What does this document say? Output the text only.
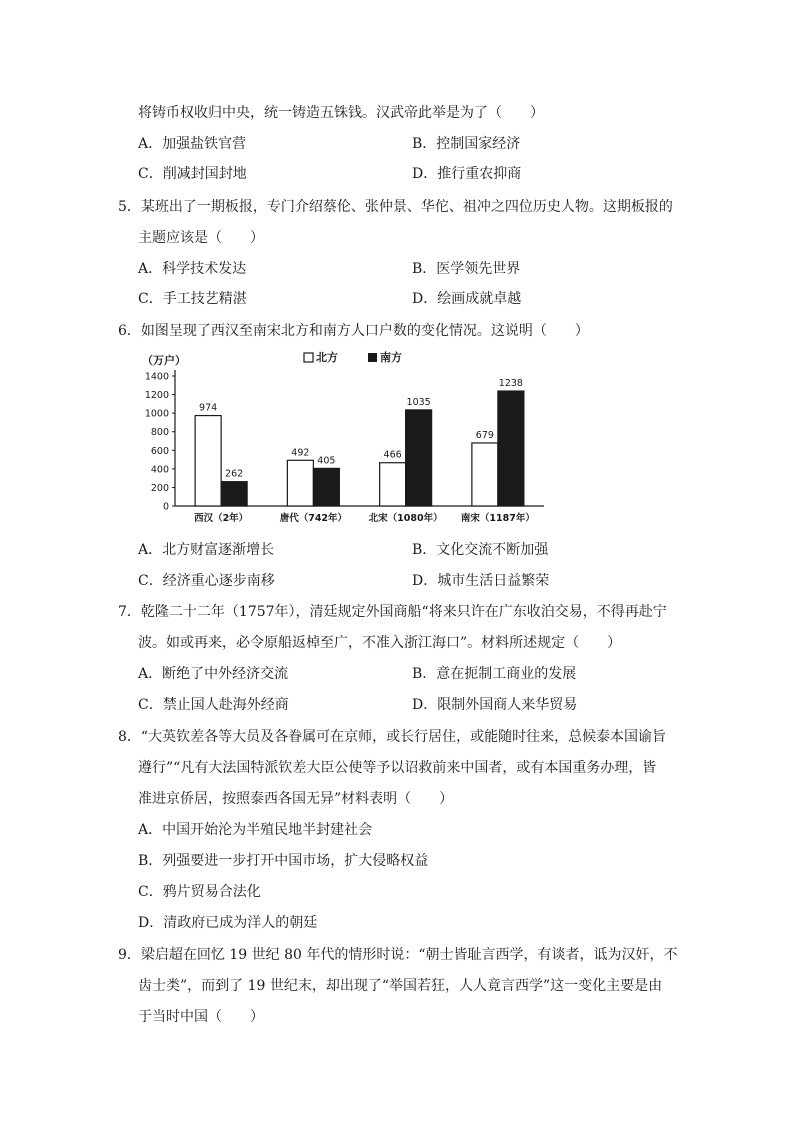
将铸币权收归中央，统一铸造五铢钱。汉武帝此举是为了（　　）
A．加强盐铁官营	B．控制国家经济
C．削减封国封地	D．推行重农抑商
5．某班出了一期板报，专门介绍蔡伦、张仲景、华佗、祖冲之四位历史人物。这期板报的
主题应该是（　　）
A．科学技术发达	B．医学领先世界
C．手工技艺精湛	D．绘画成就卓越
6．如图呈现了西汉至南宋北方和南方人口户数的变化情况。这说明（　　）
（万户）	北方	南方
0
200
400
600
800
1000
1200
1400
974
262
西汉（2年）
492
405
唐代（742年）
466
1035
北宋（1080年）
679
1238
南宋（1187年）
A．北方财富逐渐增长	B．文化交流不断加强
C．经济重心逐步南移	D．城市生活日益繁荣
7．乾隆二十二年（1757年），清廷规定外国商船“将来只许在广东收泊交易，不得再赴宁
波。如或再来，必令原船返棹至广，不准入浙江海口”。材料所述规定（　　）
A．断绝了中外经济交流	B．意在扼制工商业的发展
C．禁止国人赴海外经商	D．限制外国商人来华贸易
8．“大英钦差各等大员及各眷属可在京师，或长行居住，或能随时往来，总候泰本国谕旨
遵行”“凡有大法国特派钦差大臣公使等予以诏救前来中国者，或有本国重务办理，皆
准进京侨居，按照泰西各国无异”材料表明（　　）
A．中国开始沦为半殖民地半封建社会
B．列强要进一步打开中国市场，扩大侵略权益
C．鸦片贸易合法化
D．清政府已成为洋人的朝廷
9．梁启超在回忆 19 世纪 80 年代的情形时说：“朝士皆耻言西学，有谈者，诋为汉奸，不
齿士类”，而到了 19 世纪末，却出现了“举国若狂，人人竟言西学”这一变化主要是由
于当时中国（　　）
